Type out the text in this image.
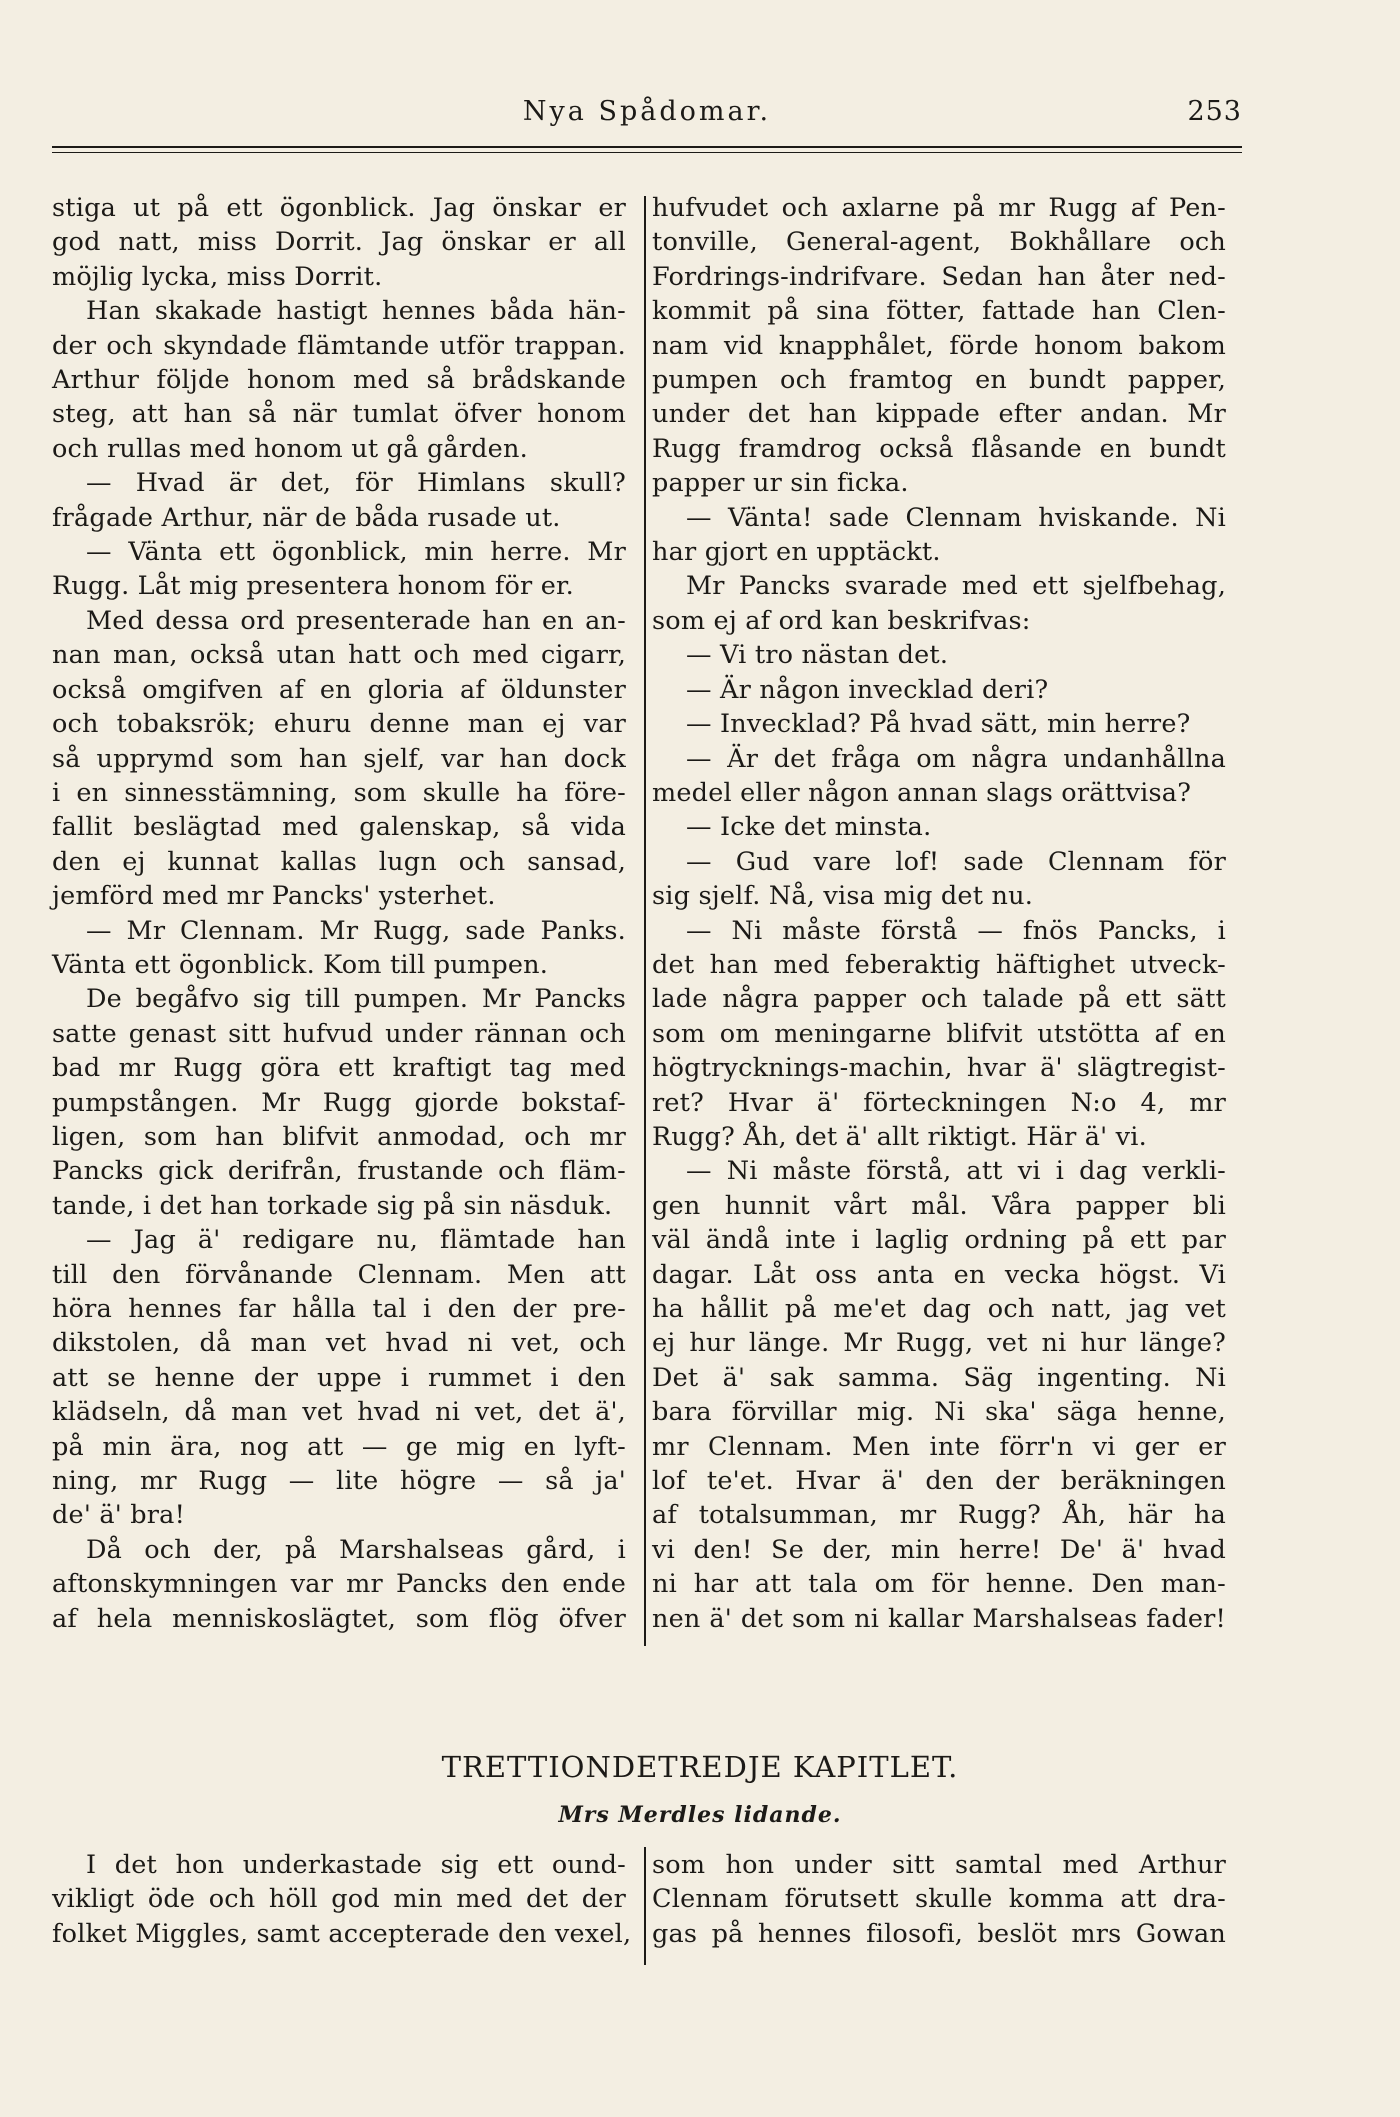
Nya Spådomar.	253
stiga ut på ett ögonblick. Jag önskar er
god natt, miss Dorrit. Jag önskar er all
möjlig lycka, miss Dorrit.
Han skakade hastigt hennes båda hän-
der och skyndade flämtande utför trappan.
Arthur följde honom med så brådskande
steg, att han så när tumlat öfver honom
och rullas med honom ut gå gården.
— Hvad är det, för Himlans skull?
frågade Arthur, när de båda rusade ut.
— Vänta ett ögonblick, min herre. Mr
Rugg. Låt mig presentera honom för er.
Med dessa ord presenterade han en an-
nan man, också utan hatt och med cigarr,
också omgifven af en gloria af öldunster
och tobaksrök; ehuru denne man ej var
så upprymd som han sjelf, var han dock
i en sinnesstämning, som skulle ha före-
fallit beslägtad med galenskap, så vida
den ej kunnat kallas lugn och sansad,
jemförd med mr Pancks' ysterhet.
— Mr Clennam. Mr Rugg, sade Panks.
Vänta ett ögonblick. Kom till pumpen.
De begåfvo sig till pumpen. Mr Pancks
satte genast sitt hufvud under rännan och
bad mr Rugg göra ett kraftigt tag med
pumpstången. Mr Rugg gjorde bokstaf-
ligen, som han blifvit anmodad, och mr
Pancks gick derifrån, frustande och fläm-
tande, i det han torkade sig på sin näsduk.
— Jag ä' redigare nu, flämtade han
till den förvånande Clennam. Men att
höra hennes far hålla tal i den der pre-
dikstolen, då man vet hvad ni vet, och
att se henne der uppe i rummet i den
klädseln, då man vet hvad ni vet, det ä',
på min ära, nog att — ge mig en lyft-
ning, mr Rugg — lite högre — så ja'
de' ä' bra!
Då och der, på Marshalseas gård, i
aftonskymningen var mr Pancks den ende
af hela menniskoslägtet, som flög öfver
hufvudet och axlarne på mr Rugg af Pen-
tonville, General-agent, Bokhållare och
Fordrings-indrifvare. Sedan han åter ned-
kommit på sina fötter, fattade han Clen-
nam vid knapphålet, förde honom bakom
pumpen och framtog en bundt papper,
under det han kippade efter andan. Mr
Rugg framdrog också flåsande en bundt
papper ur sin ficka.
— Vänta! sade Clennam hviskande. Ni
har gjort en upptäckt.
Mr Pancks svarade med ett sjelfbehag,
som ej af ord kan beskrifvas:
— Vi tro nästan det.
— Är någon invecklad deri?
— Invecklad? På hvad sätt, min herre?
— Är det fråga om några undanhållna
medel eller någon annan slags orättvisa?
— Icke det minsta.
— Gud vare lof! sade Clennam för
sig sjelf. Nå, visa mig det nu.
— Ni måste förstå — fnös Pancks, i
det han med feberaktig häftighet utveck-
lade några papper och talade på ett sätt
som om meningarne blifvit utstötta af en
högtrycknings-machin, hvar ä' slägtregist-
ret? Hvar ä' förteckningen N:o 4, mr
Rugg? Åh, det ä' allt riktigt. Här ä' vi.
— Ni måste förstå, att vi i dag verkli-
gen hunnit vårt mål. Våra papper bli
väl ändå inte i laglig ordning på ett par
dagar. Låt oss anta en vecka högst. Vi
ha hållit på me'et dag och natt, jag vet
ej hur länge. Mr Rugg, vet ni hur länge?
Det ä' sak samma. Säg ingenting. Ni
bara förvillar mig. Ni ska' säga henne,
mr Clennam. Men inte förr'n vi ger er
lof te'et. Hvar ä' den der beräkningen
af totalsumman, mr Rugg? Åh, här ha
vi den! Se der, min herre! De' ä' hvad
ni har att tala om för henne. Den man-
nen ä' det som ni kallar Marshalseas fader!
TRETTIONDETREDJE KAPITLET.
Mrs Merdles lidande.
I det hon underkastade sig ett ound-
vikligt öde och höll god min med det der
folket Miggles, samt accepterade den vexel,
som hon under sitt samtal med Arthur
Clennam förutsett skulle komma att dra-
gas på hennes filosofi, beslöt mrs Gowan
